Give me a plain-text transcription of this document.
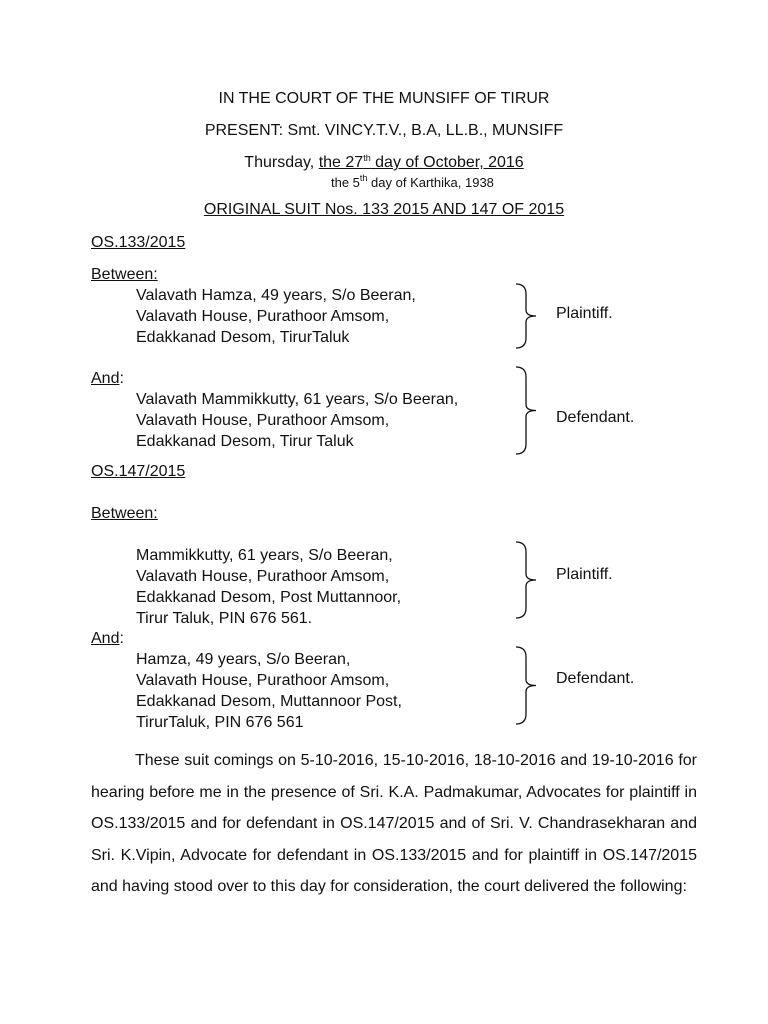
IN THE COURT OF THE MUNSIFF OF TIRUR
PRESENT: Smt. VINCY.T.V., B.A, LL.B., MUNSIFF
Thursday, the 27th day of October, 2016
the 5th day of Karthika, 1938
ORIGINAL SUIT Nos. 133 2015 AND 147 OF 2015
OS.133/2015
Between:
Valavath Hamza, 49 years, S/o Beeran,
Valavath House, Purathoor Amsom,
Edakkanad Desom, TirurTaluk
Plaintiff.
And:
Valavath Mammikkutty, 61 years, S/o Beeran,
Valavath House, Purathoor Amsom,
Edakkanad Desom, Tirur Taluk
Defendant.
OS.147/2015
Between:
Mammikkutty, 61 years, S/o Beeran,
Valavath House, Purathoor Amsom,
Edakkanad Desom, Post Muttannoor,
Tirur Taluk, PIN 676 561.
Plaintiff.
And:
Hamza, 49 years, S/o Beeran,
Valavath House, Purathoor Amsom,
Edakkanad Desom, Muttannoor Post,
TirurTaluk, PIN 676 561
Defendant.
These suit comings on 5-10-2016, 15-10-2016, 18-10-2016 and 19-10-2016 for hearing before me in the presence of Sri. K.A. Padmakumar, Advocates for plaintiff in OS.133/2015 and for defendant in OS.147/2015 and of Sri. V. Chandrasekharan and Sri. K.Vipin, Advocate for defendant in OS.133/2015 and for plaintiff in OS.147/2015 and having stood over to this day for consideration, the court delivered the following:
